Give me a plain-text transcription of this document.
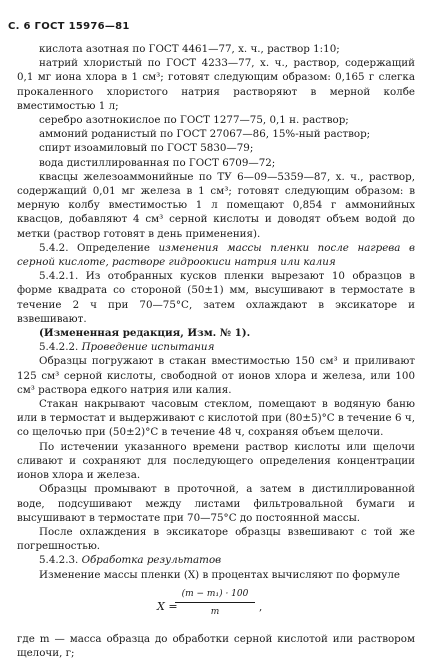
С. 6 ГОСТ 15976—81

кислота азотная по ГОСТ 4461—77, х. ч., раствор 1:10;

натрий хлористый по ГОСТ 4233—77, х. ч., раствор, содержащий 0,1 мг иона хлора в 1 см³; готовят следующим образом: 0,165 г слегка прокаленного хлористого натрия растворяют в мерной колбе вместимостью 1 л;

серебро азотнокислое по ГОСТ 1277—75, 0,1 н. раствор;

аммоний роданистый по ГОСТ 27067—86, 15%-ный раствор;

спирт изоамиловый по ГОСТ 5830—79;

вода дистиллированная по ГОСТ 6709—72;

квасцы железоаммонийные по ТУ 6—09—5359—87, х. ч., раствор, содержащий 0,01 мг железа в 1 см³; готовят следующим образом: в мерную колбу вместимостью 1 л помещают 0,854 г аммонийных квасцов, добавляют 4 см³ серной кислоты и доводят объем водой до метки (раствор готовят в день применения).

5.4.2. Определение изменения массы пленки после нагрева в серной кислоте, растворе гидроокиси натрия или калия

5.4.2.1. Из отобранных кусков пленки вырезают 10 образцов в форме квадрата со стороной (50±1) мм, высушивают в термостате в течение 2 ч при 70—75°С, затем охлаждают в эксикаторе и взвешивают.

(Измененная редакция, Изм. № 1).

5.4.2.2. Проведение испытания

Образцы погружают в стакан вместимостью 150 см³ и приливают 125 см³ серной кислоты, свободной от ионов хлора и железа, или 100 см³ раствора едкого натрия или калия.

Стакан накрывают часовым стеклом, помещают в водяную баню или в термостат и выдерживают с кислотой при (80±5)°С в течение 6 ч, со щелочью при (50±2)°С в течение 48 ч, сохраняя объем щелочи.

По истечении указанного времени раствор кислоты или щелочи сливают и сохраняют для последующего определения концентрации ионов хлора и железа.

Образцы промывают в проточной, а затем в дистиллированной воде, подсушивают между листами фильтровальной бумаги и высушивают в термостате при 70—75°С до постоянной массы.

После охлаждения в эксикаторе образцы взвешивают с той же погрешностью.

5.4.2.3. Обработка результатов

Изменение массы пленки (X) в процентах вычисляют по формуле

X =
(m − m₁) · 100
m	,

где m — масса образца до обработки серной кислотой или раствором щелочи, г;
